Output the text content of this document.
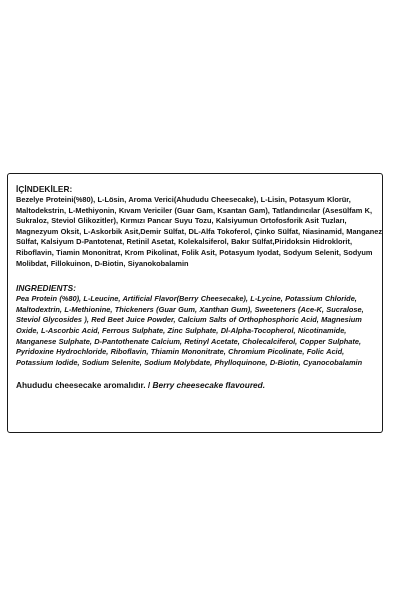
İÇİNDEKİLER:

Bezelye Proteini(%80), L-Lösin, Aroma Verici(Ahududu Cheesecake), L-Lisin, Potasyum Klorür, Maltodekstrin, L-Methiyonin, Kıvam Vericiler (Guar Gam, Ksantan Gam), Tatlandırıcılar (Asesülfam K, Sukraloz, Steviol Glikozitler), Kırmızı Pancar Suyu Tozu, Kalsiyumun Ortofosforik Asit Tuzları, Magnezyum Oksit, L-Askorbik Asit,Demir Sülfat, DL-Alfa Tokoferol, Çinko Sülfat, Niasinamid, Manganez Sülfat, Kalsiyum D-Pantotenat, Retinil Asetat, Kolekalsiferol, Bakır Sülfat,Piridoksin Hidroklorit, Riboflavin, Tiamin Mononitrat, Krom Pikolinat, Folik Asit, Potasyum Iyodat, Sodyum Selenit, Sodyum Molibdat, Fillokuinon, D-Biotin, Siyanokobalamin

INGREDIENTS:

Pea Protein (%80), L-Leucine, Artificial Flavor(Berry Cheesecake), L-Lycine, Potassium Chloride, Maltodextrin, L-Methionine, Thickeners (Guar Gum, Xanthan Gum), Sweeteners (Ace-K, Sucralose, Steviol Glycosides ), Red Beet Juice Powder, Calcium Salts of Orthophosphoric Acid, Magnesium Oxide, L-Ascorbic Acid, Ferrous Sulphate, Zinc Sulphate, Dl-Alpha-Tocopherol, Nicotinamide, Manganese Sulphate, D-Pantothenate Calcium, Retinyl Acetate, Cholecalciferol, Copper Sulphate, Pyridoxine Hydrochloride, Riboflavin, Thiamin Mononitrate, Chromium Picolinate, Folic Acid, Potassium Iodide, Sodium Selenite, Sodium Molybdate, Phylloquinone, D-Biotin, Cyanocobalamin

Ahududu cheesecake aromalıdır. / Berry cheesecake flavoured.
